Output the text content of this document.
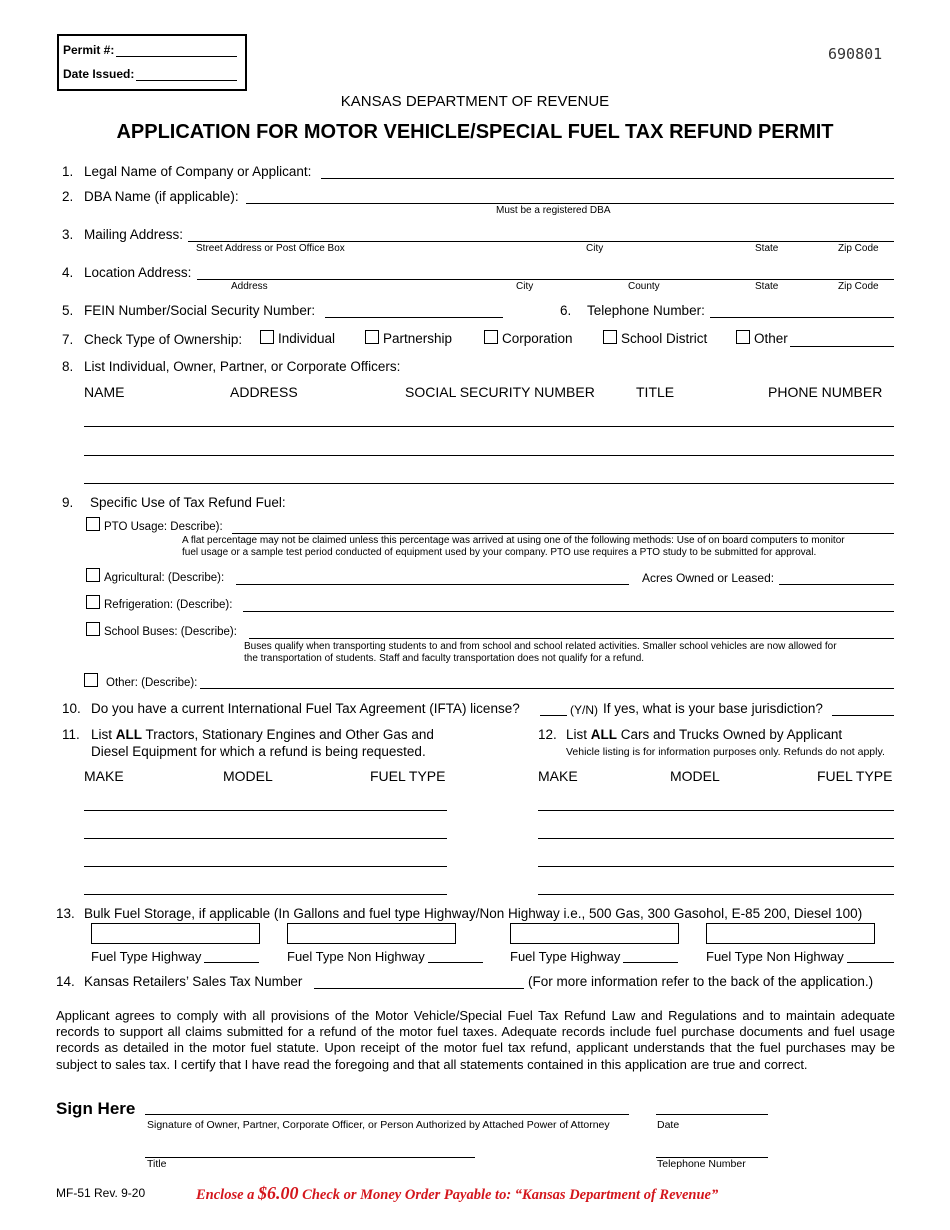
Permit #:
Date Issued:
690801
KANSAS DEPARTMENT OF REVENUE
APPLICATION FOR MOTOR VEHICLE/SPECIAL FUEL TAX REFUND PERMIT
1. Legal Name of Company or Applicant:
2. DBA Name (if applicable):
Must be a registered DBA
3. Mailing Address:
Street Address or Post Office Box	City	State	Zip Code
4. Location Address:
Address	City	County	State	Zip Code
5. FEIN Number/Social Security Number:	6. Telephone Number:
7. Check Type of Ownership:	Individual	Partnership	Corporation	School District	Other
8. List Individual, Owner, Partner, or Corporate Officers:
NAME	ADDRESS	SOCIAL SECURITY NUMBER	TITLE	PHONE NUMBER
9. Specific Use of Tax Refund Fuel:
PTO Usage: Describe):
A flat percentage may not be claimed unless this percentage was arrived at using one of the following methods: Use of on board computers to monitor
fuel usage or a sample test period conducted of equipment used by your company. PTO use requires a PTO study to be submitted for approval.
Agricultural: (Describe):	Acres Owned or Leased:
Refrigeration: (Describe):
School Buses: (Describe):
Buses qualify when transporting students to and from school and school related activities. Smaller school vehicles are now allowed for
the transportation of students. Staff and faculty transportation does not qualify for a refund.
Other: (Describe):
10. Do you have a current International Fuel Tax Agreement (IFTA) license?	(Y/N) If yes, what is your base jurisdiction?
11. List ALL Tractors, Stationary Engines and Other Gas and
Diesel Equipment for which a refund is being requested.
MAKE	MODEL	FUEL TYPE
12. List ALL Cars and Trucks Owned by Applicant
Vehicle listing is for information purposes only. Refunds do not apply.
MAKE	MODEL	FUEL TYPE
13. Bulk Fuel Storage, if applicable (In Gallons and fuel type Highway/Non Highway i.e., 500 Gas, 300 Gasohol, E-85 200, Diesel 100)
Fuel Type Highway	Fuel Type Non Highway	Fuel Type Highway	Fuel Type Non Highway
14. Kansas Retailers’ Sales Tax Number	(For more information refer to the back of the application.)
Applicant agrees to comply with all provisions of the Motor Vehicle/Special Fuel Tax Refund Law and Regulations and to maintain adequate records to support all claims submitted for a refund of the motor fuel taxes. Adequate records include fuel purchase documents and fuel usage records as detailed in the motor fuel statute. Upon receipt of the motor fuel tax refund, applicant understands that the fuel purchases may be subject to sales tax. I certify that I have read the foregoing and that all statements contained in this application are true and correct.
Sign Here
Signature of Owner, Partner, Corporate Officer, or Person Authorized by Attached Power of Attorney	Date
Title	Telephone Number
MF-51 Rev. 9-20	Enclose a $6.00 Check or Money Order Payable to: “Kansas Department of Revenue”
